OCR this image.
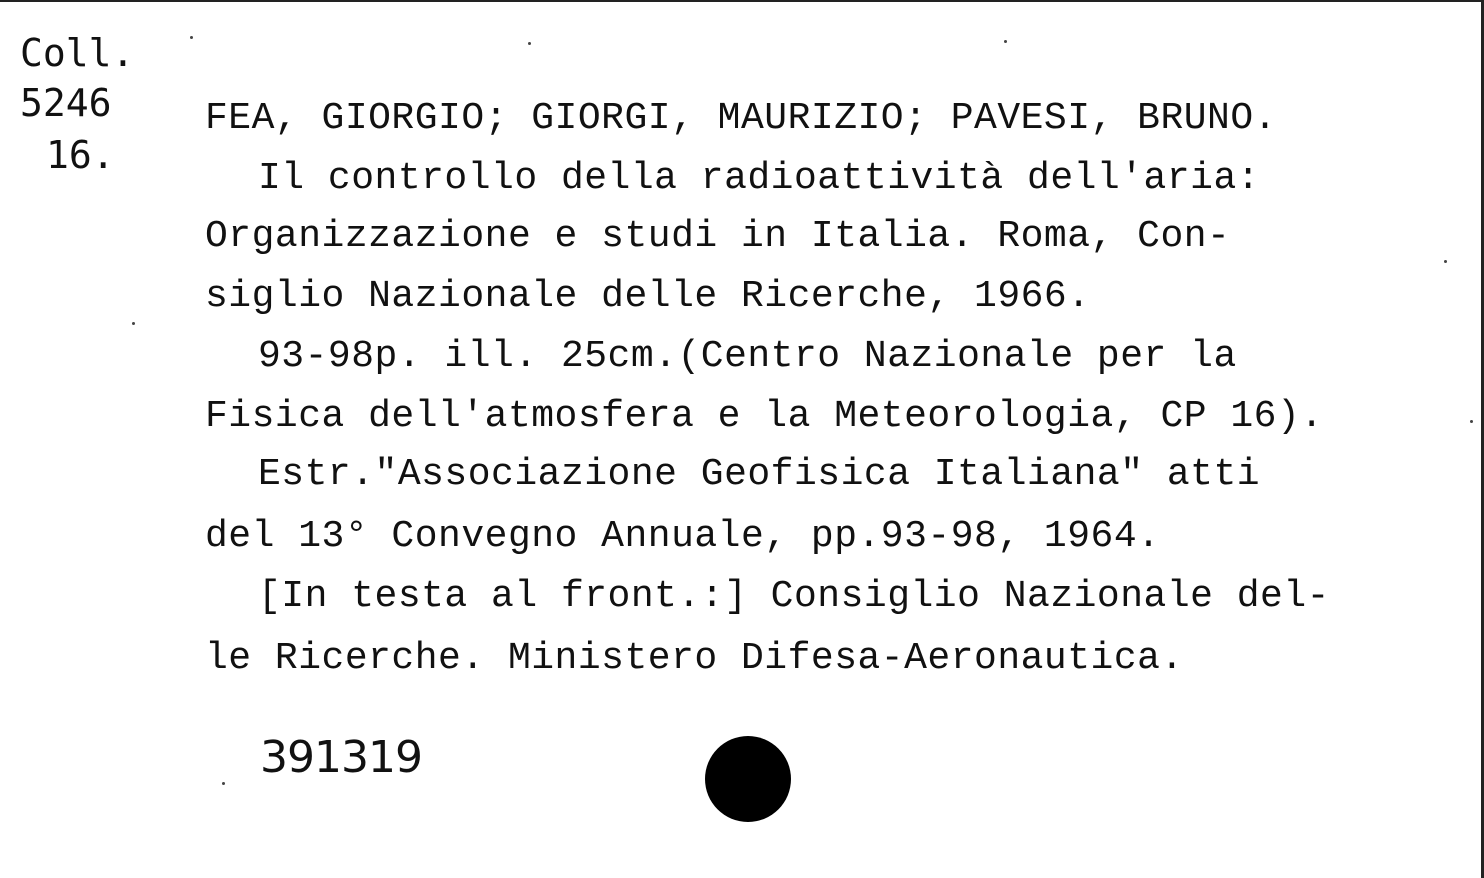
Coll.
5246
16.
FEA, GIORGIO; GIORGI, MAURIZIO; PAVESI, BRUNO.
Il controllo della radioattività dell'aria:
Organizzazione e studi in Italia. Roma, Con-
siglio Nazionale delle Ricerche, 1966.
93-98p. ill. 25cm.(Centro Nazionale per la
Fisica dell'atmosfera e la Meteorologia, CP 16).
Estr."Associazione Geofisica Italiana" atti
del 13° Convegno Annuale, pp.93-98, 1964.
[In testa al front.:] Consiglio Nazionale del-
le Ricerche. Ministero Difesa-Aeronautica.
391319
